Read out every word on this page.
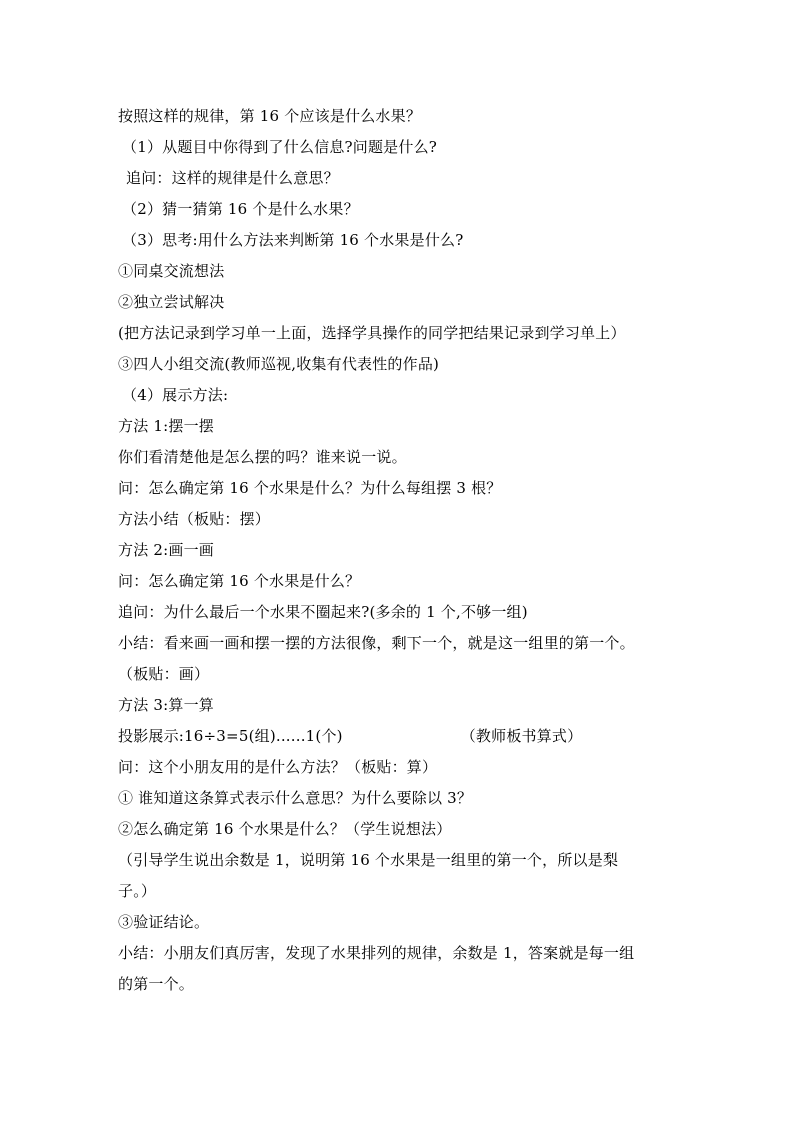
按照这样的规律，第 16 个应该是什么水果？
（1）从题目中你得到了什么信息?问题是什么?
追问：这样的规律是什么意思？
（2）猜一猜第 16 个是什么水果？
（3）思考:用什么方法来判断第 16 个水果是什么?
①同桌交流想法
②独立尝试解决
(把方法记录到学习单一上面，选择学具操作的同学把结果记录到学习单上）
③四人小组交流(教师巡视,收集有代表性的作品)
（4）展示方法:
方法 1:摆一摆
你们看清楚他是怎么摆的吗？谁来说一说。
问：怎么确定第 16 个水果是什么？为什么每组摆 3 根？
方法小结（板贴：摆）
方法 2:画一画
问：怎么确定第 16 个水果是什么？
追问：为什么最后一个水果不圈起来?(多余的 1 个,不够一组)
小结：看来画一画和摆一摆的方法很像，剩下一个，就是这一组里的第一个。
（板贴：画）
方法 3:算一算
投影展示:16÷3=5(组)......1(个)	（教师板书算式）
问：这个小朋友用的是什么方法？（板贴：算）
① 谁知道这条算式表示什么意思？为什么要除以 3？
②怎么确定第 16 个水果是什么？（学生说想法）
（引导学生说出余数是 1，说明第 16 个水果是一组里的第一个，所以是梨
子。）
③验证结论。
小结：小朋友们真厉害，发现了水果排列的规律，余数是 1，答案就是每一组
的第一个。
